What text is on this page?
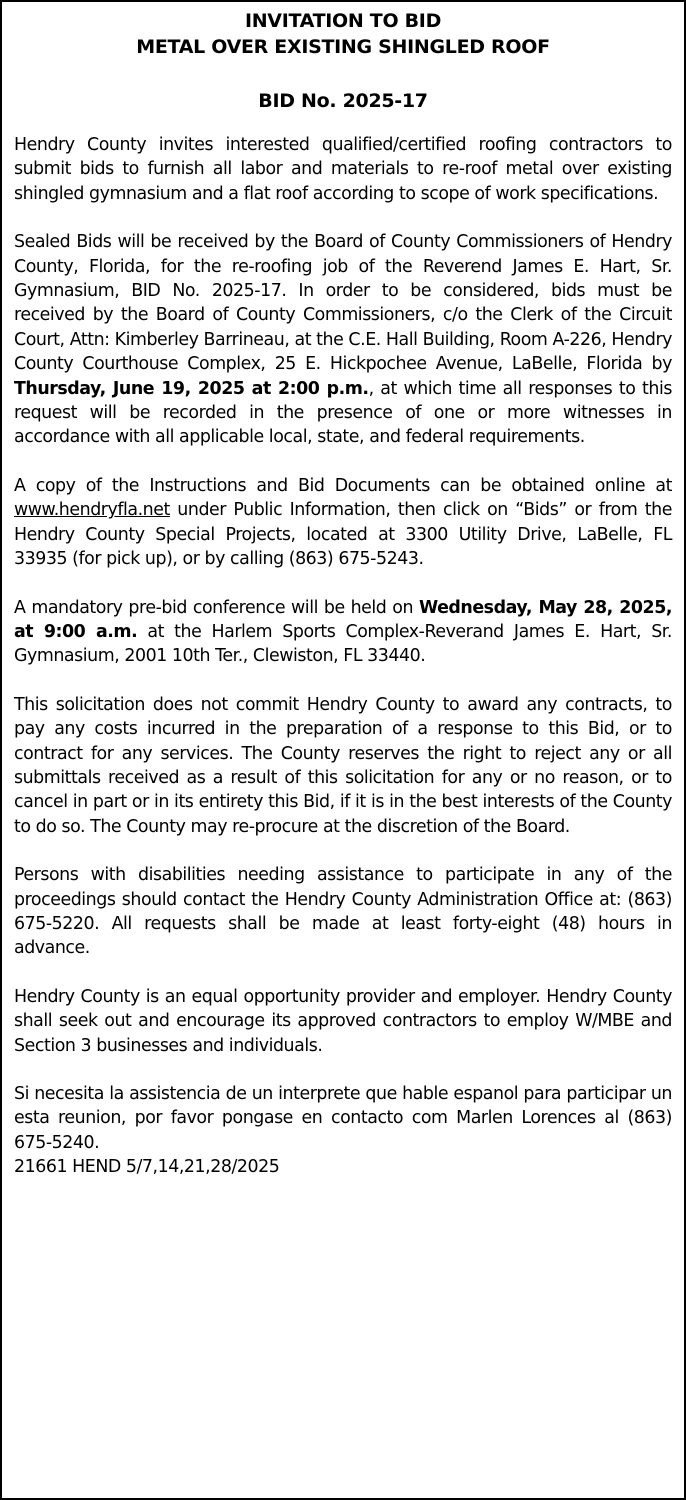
INVITATION TO BID
METAL OVER EXISTING SHINGLED ROOF
BID No. 2025-17

Hendry County invites interested qualified/certified roofing contractors to submit bids to furnish all labor and materials to re-roof metal over existing shingled gymnasium and a flat roof according to scope of work specifications.

Sealed Bids will be received by the Board of County Commissioners of Hendry County, Florida, for the re-roofing job of the Reverend James E. Hart, Sr. Gymnasium, BID No. 2025-17. In order to be considered, bids must be received by the Board of County Commissioners, c/o the Clerk of the Circuit Court, Attn: Kimberley Barrineau, at the C.E. Hall Building, Room A-226, Hendry County Courthouse Complex, 25 E. Hickpochee Avenue, LaBelle, Florida by Thursday, June 19, 2025 at 2:00 p.m., at which time all responses to this request will be recorded in the presence of one or more witnesses in accordance with all applicable local, state, and federal requirements.

A copy of the Instructions and Bid Documents can be obtained online at www.hendryfla.net under Public Information, then click on “Bids” or from the Hendry County Special Projects, located at 3300 Utility Drive, LaBelle, FL 33935 (for pick up), or by calling (863) 675-5243.

A mandatory pre-bid conference will be held on Wednesday, May 28, 2025, at 9:00 a.m. at the Harlem Sports Complex-Reverand James E. Hart, Sr. Gymnasium, 2001 10th Ter., Clewiston, FL 33440.

This solicitation does not commit Hendry County to award any contracts, to pay any costs incurred in the preparation of a response to this Bid, or to contract for any services. The County reserves the right to reject any or all submittals received as a result of this solicitation for any or no reason, or to cancel in part or in its entirety this Bid, if it is in the best interests of the County to do so. The County may re-procure at the discretion of the Board.

Persons with disabilities needing assistance to participate in any of the proceedings should contact the Hendry County Administration Office at: (863) 675-5220. All requests shall be made at least forty-eight (48) hours in advance.

Hendry County is an equal opportunity provider and employer. Hendry County shall seek out and encourage its approved contractors to employ W/MBE and Section 3 businesses and individuals.

Si necesita la assistencia de un interprete que hable espanol para participar un esta reunion, por favor pongase en contacto com Marlen Lorences al (863) 675-5240.

21661 HEND 5/7,14,21,28/2025
